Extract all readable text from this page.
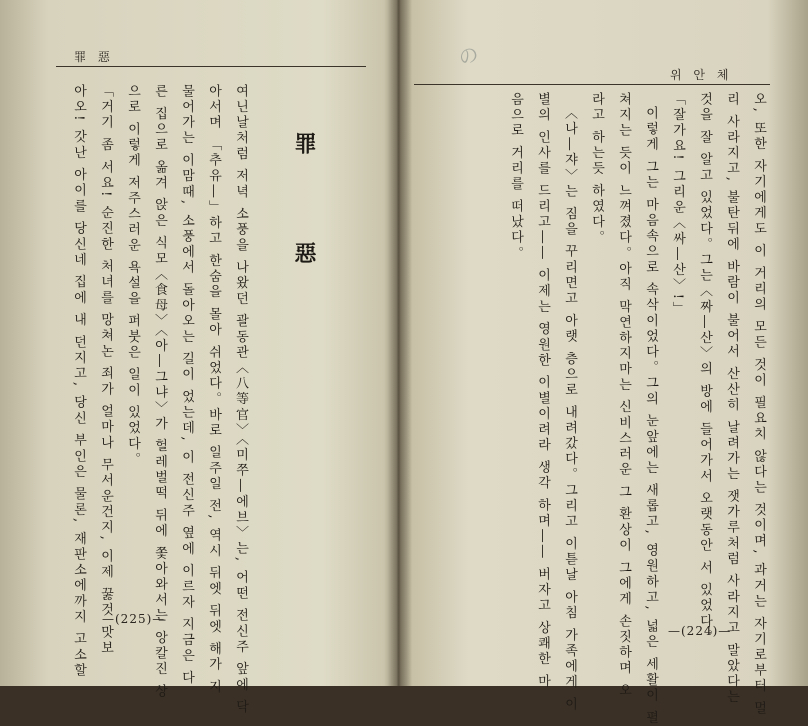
罪 惡
罪 惡
여닌날처럼 저녁 소풍을 나왔던 괄동관〈八等官〉〈미쭈―에브〉는, 어떤 전신주 앞에 닥
아서며 「추유―」하고 한숨을 몰아 쉬었다。바로 일주일 전, 역시 뒤엣 뒤엣 해가 지
물어가는 이맘때, 소풍에서 돌아오는 길이 었는데, 이 전신주 옆에 이르자 지금은 다
른 집으로 옮겨 앉은 식모〈食母〉〈아―그냐〉가 헐레벌떡 뒤에 쫓아와서는 앙칼진 상
으로 이렇게 저주스러운 욕설을 퍼붓은 일이 있었다。
「거기 좀 서요! 순진한 처녀를 망쳐논 죄가 얼마나 무서운건지, 이제 꿇것 맛보
아오! 갓난 아이를 당신네 집에 내 던지고, 당신 부인은 물론, 재판소에까지 고소할 —(225)—
の
위 안 체
오, 또한 자기에게도 이 거리의 모든 것이 필요치 않다는 것이며, 과거는 자기로부터 멀
리 사라지고, 불탄뒤에 바람이 불어서 산산히 날려가는 잿가루처럼 사라지고 말았다는
것을 잘 알고 있었다。그는〈짜―산〉의 방에 들어가서 오랫동안 서 있었다。
「잘가요! 그리운〈싸―산〉!」
이렇게 그는 마음속으로 속삭이었다。그의 눈앞에는 새롭고, 영원하고, 넓은 세활이 펼
쳐지는 듯이 느껴졌다。아직 막연하지마는 신비스러운 그 환상이 그에게 손짓하며 오
라고 하는듯 하였다。
〈나―쟈〉는 짐을 꾸리면고 아랫 층으로 내려갔다。그리고 이튿날 아침 가족에게 이
별의 인사를 드리고―― 이제는 영원한 이별이려라 생각 하며―― 버자고 상쾌한 마
음으로 거리를 떠났다。
—(224)—
